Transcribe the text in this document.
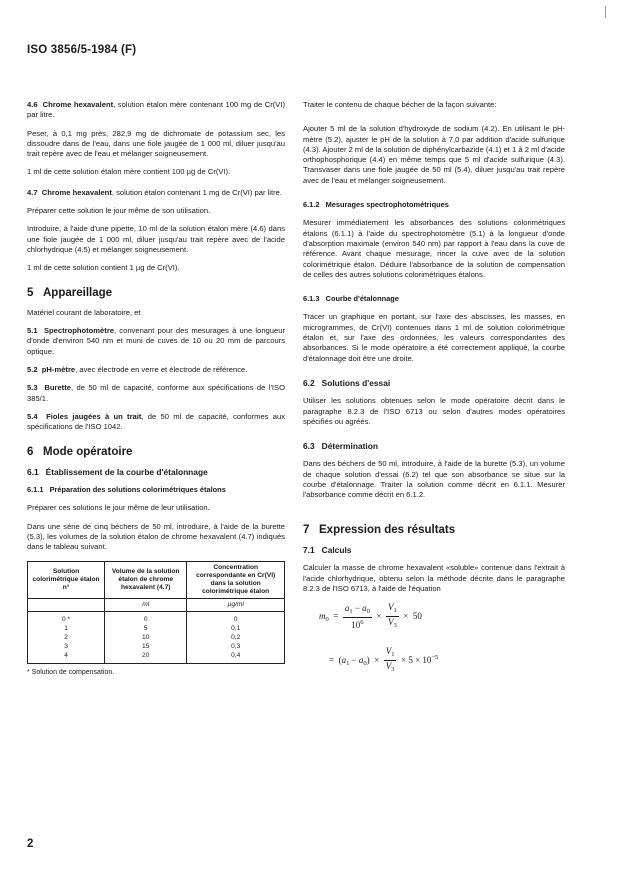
ISO 3856/5-1984 (F)

4.6 Chrome hexavalent, solution étalon mère contenant 100 mg de Cr(VI) par litre.

Peser, à 0,1 mg près, 282,9 mg de dichromate de potassium sec, les dissoudre dans de l'eau, dans une fiole jaugée de 1 000 ml, diluer jusqu'au trait repère avec de l'eau et mélanger soigneusement.

1 ml de cette solution étalon mère contient 100 µg de Cr(VI).

4.7 Chrome hexavalent, solution étalon contenant 1 mg de Cr(VI) par litre.

Préparer cette solution le jour même de son utilisation.

Introduire, à l'aide d'une pipette, 10 ml de la solution étalon mère (4.6) dans une fiole jaugée de 1 000 ml, diluer jusqu'au trait repère avec de l'acide chlorhydrique (4.5) et mélanger soigneusement.

1 ml de cette solution contient 1 µg de Cr(VI).

5 Appareillage

Matériel courant de laboratoire, et

5.1 Spectrophotomètre, convenant pour des mesurages à une longueur d'onde d'environ 540 nm et muni de cuves de 10 ou 20 mm de parcours optique.

5.2 pH-mètre, avec électrode en verre et électrode de référence.

5.3 Burette, de 50 ml de capacité, conforme aux spécifications de l'ISO 385/1.

5.4 Fioles jaugées à un trait, de 50 ml de capacité, conformes aux spécifications de l'ISO 1042.

6 Mode opératoire
6.1 Établissement de la courbe d'étalonnage
6.1.1 Préparation des solutions colorimétriques étalons

Préparer ces solutions le jour même de leur utilisation.

Dans une série de cinq béchers de 50 ml, introduire, à l'aide de la burette (5.3), les volumes de la solution étalon de chrome hexavalent (4.7) indiqués dans le tableau suivant.

Solution colorimétrique étalon n°	Volume de la solution étalon de chrome hexavalent (4.7)	Concentration correspondante en Cr(VI) dans la solution colorimétrique étalon
	ml	µg/ml
0 *	0	0
1	5	0,1
2	10	0,2
3	15	0,3
4	20	0,4
* Solution de compensation.

Traiter le contenu de chaque bécher de la façon suivante:

Ajouter 5 ml de la solution d'hydroxyde de sodium (4.2). En utilisant le pH-mètre (5.2), ajuster le pH de la solution à 7,0 par addition d'acide sulfurique (4.3). Ajouter 2 ml de la solution de diphénylcarbazide (4.1) et 1 à 2 ml d'acide orthophosphorique (4.4) en même temps que 5 ml d'acide sulfurique (4.3). Transvaser dans une fiole jaugée de 50 ml (5.4), diluer jusqu'au trait repère avec de l'eau et mélanger soigneusement.

6.1.2 Mesurages spectrophotométriques

Mesurer immédiatement les absorbances des solutions colorimétriques étalons (6.1.1) à l'aide du spectrophotomètre (5.1) à la longueur d'onde d'absorption maximale (environ 540 nm) par rapport à l'eau dans la cuve de référence. Avant chaque mesurage, rincer la cuve avec de la solution colorimétrique étalon. Déduire l'absorbance de la solution de compensation de celles des autres solutions colorimétriques étalons.

6.1.3 Courbe d'étalonnage

Tracer un graphique en portant, sur l'axe des abscisses, les masses, en microgrammes, de Cr(VI) contenues dans 1 ml de solution colorimétrique étalon et, sur l'axe des ordonnées, les valeurs correspondantes des absorbances. Si le mode opératoire a été correctement appliqué, la courbe d'étalonnage doit être une droite.

6.2 Solutions d'essai

Utiliser les solutions obtenues selon le mode opératoire décrit dans le paragraphe 8.2.3 de l'ISO 6713 ou selon d'autres modes opératoires spécifiés ou agréés.

6.3 Détermination

Dans des béchers de 50 ml, introduire, à l'aide de la burette (5.3), un volume de chaque solution d'essai (6.2) tel que son absorbance se situe sur la courbe d'étalonnage. Traiter la solution comme décrit en 6.1.1. Mesurer l'absorbance comme décrit en 6.1.2.

7 Expression des résultats
7.1 Calculs

Calculer la masse de chrome hexavalent «soluble» contenue dans l'extrait à l'acide chlorhydrique, obtenu selon la méthode décrite dans le paragraphe 8.2.3 de l'ISO 6713, à l'aide de l'équation

$m_0 = \frac{a_1 - a_0}{10^6} \times \frac{V_1}{V_3} \times 50$
= $(a_1 - a_0) \times \frac{V_1}{V_3} \times 5 \times 10^{-5}$
2
